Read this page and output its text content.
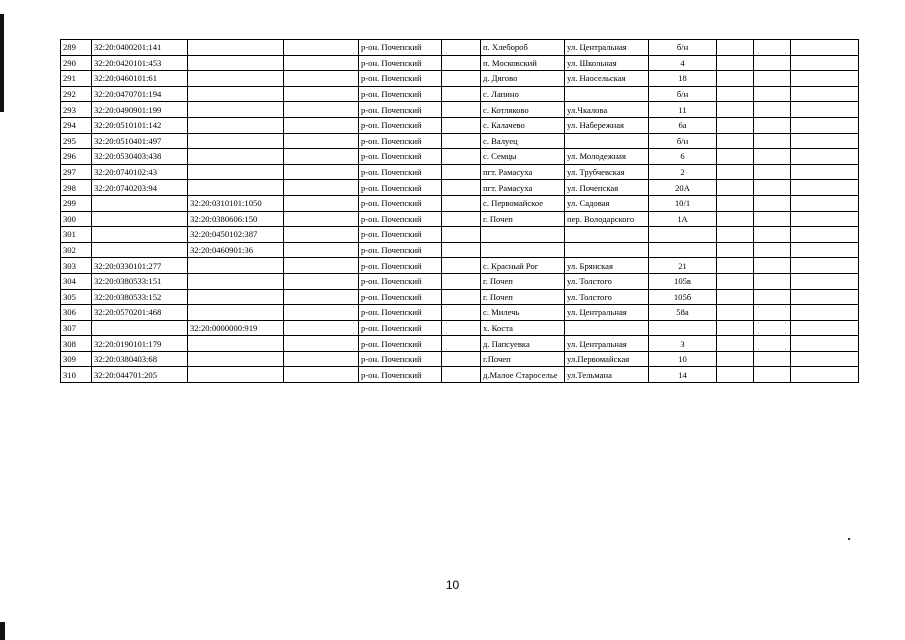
289	32:20:0400201:141			р-он. Почепский		п. Хлебороб	ул. Центральная	б/н			
290	32:20:0420101:453			р-он. Почепский		п. Московский	ул. Школьная	4			
291	32:20:0460101:61			р-он. Почепский		д. Дягово	ул. Наосельская	18			
292	32:20:0470701:194			р-он. Почепский		с. Лапино		б/н			
293	32:20:0490901:199			р-он. Почепский		с. Котляково	ул.Чкалова	11			
294	32:20:0510101:142			р-он. Почепский		с. Калачево	ул. Набережная	6а			
295	32:20:0510401:497			р-он. Почепский		с. Валуец		б/н			
296	32:20:0530403:438			р-он. Почепский		с. Семцы	ул. Молодежная	6			
297	32:20:0740102:43			р-он. Почепский		пгт. Рамасуха	ул. Трубчевская	2			
298	32:20:0740203:94			р-он. Почепский		пгт. Рамасуха	ул. Почепская	20А			
299		32:20:0310101:1050		р-он. Почепский		с. Первомайское	ул. Садовая	10/1			
300		32:20:0380606:150		р-он. Почепский		г. Почеп	пер. Володарского	1А			
301		32:20:0450102:387		р-он. Почепский							
302		32:20:0460901:36		р-он. Почепский							
303	32:20:0330101:277			р-он. Почепский		с. Красный Рог	ул. Брянская	21			
304	32:20:0380533:151			р-он. Почепский		г. Почеп	ул. Толстого	105в			
305	32:20:0380533:152			р-он. Почепский		г. Почеп	ул. Толстого	105б			
306	32:20:0570201:468			р-он. Почепский		с. Милечь	ул. Центральная	58а			
307		32:20:0000000:919		р-он. Почепский		х. Коста					
308	32:20:0190101:179			р-он. Почепский		д. Папсуевка	ул. Центральная	3			
309	32:20:0380403:68			р-он. Почепский		г.Почеп	ул.Первомайская	10			
310	32:20:044701:205			р-он. Почепский		д.Малое Староселье	ул.Тельмана	14			
10
